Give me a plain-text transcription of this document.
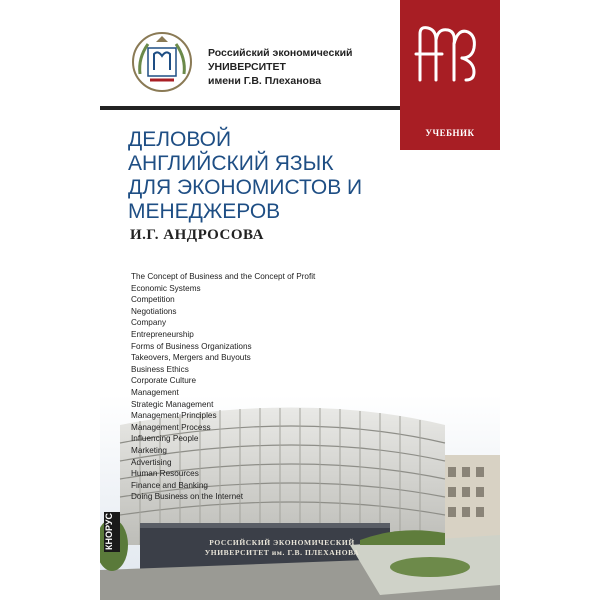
Российский экономический
УНИВЕРСИТЕТ
имени Г.В. Плеханова
УЧЕБНИК
ДЕЛОВОЙ
АНГЛИЙСКИЙ ЯЗЫК
ДЛЯ ЭКОНОМИСТОВ И МЕНЕДЖЕРОВ
И.Г. АНДРОСОВА
The Concept of Business and the Concept of Profit
Economic Systems
Competition
Negotiations
Company
Entrepreneurship
Forms of Business Organizations
Takeovers, Mergers and Buyouts
Business Ethics
Corporate Culture
Management
Strategic Management
Management Principles
Management Process
Influencing People
Marketing
Advertising
Human Resources
Finance and Banking
Doing Business on the Internet
РОССИЙСКИЙ ЭКОНОМИЧЕСКИЙ
УНИВЕРСИТЕТ им. Г.В. ПЛЕХАНОВА
КНОРУС
